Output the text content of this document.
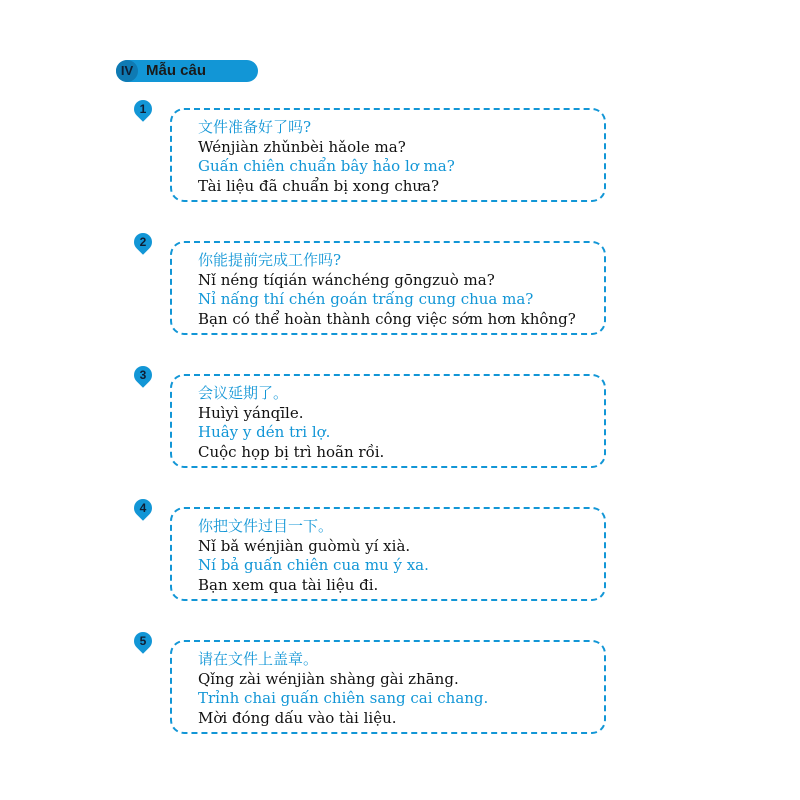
IV Mẫu câu
1
文件准备好了吗?
Wénjiàn zhǔnbèi hǎole ma?
Guấn chiên chuẩn bây hảo lơ ma?
Tài liệu đã chuẩn bị xong chưa?
2
你能提前完成工作吗?
Nǐ néng tíqián wánchéng gōngzuò ma?
Nỉ nấng thí chén goán trấng cung chua ma?
Bạn có thể hoàn thành công việc sớm hơn không?
3
会议延期了。
Huìyì yánqīle.
Huây y dén tri lợ.
Cuộc họp bị trì hoãn rồi.
4
你把文件过目一下。
Nǐ bǎ wénjiàn guòmù yí xià.
Ní bả guấn chiên cua mu ý xa.
Bạn xem qua tài liệu đi.
5
请在文件上盖章。
Qǐng zài wénjiàn shàng gài zhāng.
Trỉnh chai guấn chiên sang cai chang.
Mời đóng dấu vào tài liệu.
